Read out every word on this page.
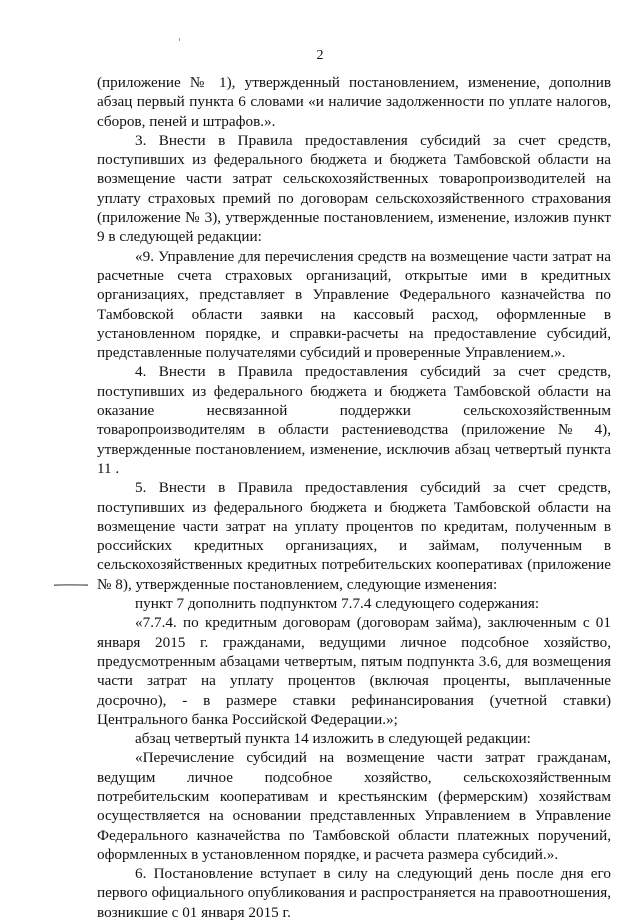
2

(приложение № 1), утвержденный постановлением, изменение, дополнив абзац первый пункта 6 словами «и наличие задолженности по уплате налогов, сборов, пеней и штрафов.».

3. Внести в Правила предоставления субсидий за счет средств, поступивших из федерального бюджета и бюджета Тамбовской области на возмещение части затрат сельскохозяйственных товаропроизводителей на уплату страховых премий по договорам сельскохозяйственного страхования (приложение № 3), утвержденные постановлением, изменение, изложив пункт 9 в следующей редакции:

«9. Управление для перечисления средств на возмещение части затрат на расчетные счета страховых организаций, открытые ими в кредитных организациях, представляет в Управление Федерального казначейства по Тамбовской области заявки на кассовый расход, оформленные в установленном порядке, и справки-расчеты на предоставление субсидий, представленные получателями субсидий и проверенные Управлением.».

4. Внести в Правила предоставления субсидий за счет средств, поступивших из федерального бюджета и бюджета Тамбовской области на оказание несвязанной поддержки сельскохозяйственным товаропроизводителям в области растениеводства (приложение № 4), утвержденные постановлением, изменение, исключив абзац четвертый пункта 11 .

5. Внести в Правила предоставления субсидий за счет средств, поступивших из федерального бюджета и бюджета Тамбовской области на возмещение части затрат на уплату процентов по кредитам, полученным в российских кредитных организациях, и займам, полученным в сельскохозяйственных кредитных потребительских кооперативах (приложение № 8), утвержденные постановлением, следующие изменения:

пункт 7 дополнить подпунктом 7.7.4 следующего содержания:

«7.7.4. по кредитным договорам (договорам займа), заключенным с 01 января 2015 г. гражданами, ведущими личное подсобное хозяйство, предусмотренным абзацами четвертым, пятым подпункта 3.6, для возмещения части затрат на уплату процентов (включая проценты, выплаченные досрочно), - в размере ставки рефинансирования (учетной ставки) Центрального банка Российской Федерации.»;

абзац четвертый пункта 14 изложить в следующей редакции:

«Перечисление субсидий на возмещение части затрат гражданам, ведущим личное подсобное хозяйство, сельскохозяйственным потребительским кооперативам и крестьянским (фермерским) хозяйствам осуществляется на основании представленных Управлением в Управление Федерального казначейства по Тамбовской области платежных поручений, оформленных в установленном порядке, и расчета размера субсидий.».

6. Постановление вступает в силу на следующий день после дня его первого официального опубликования и распространяется на правоотношения, возникшие с 01 января 2015 г.
